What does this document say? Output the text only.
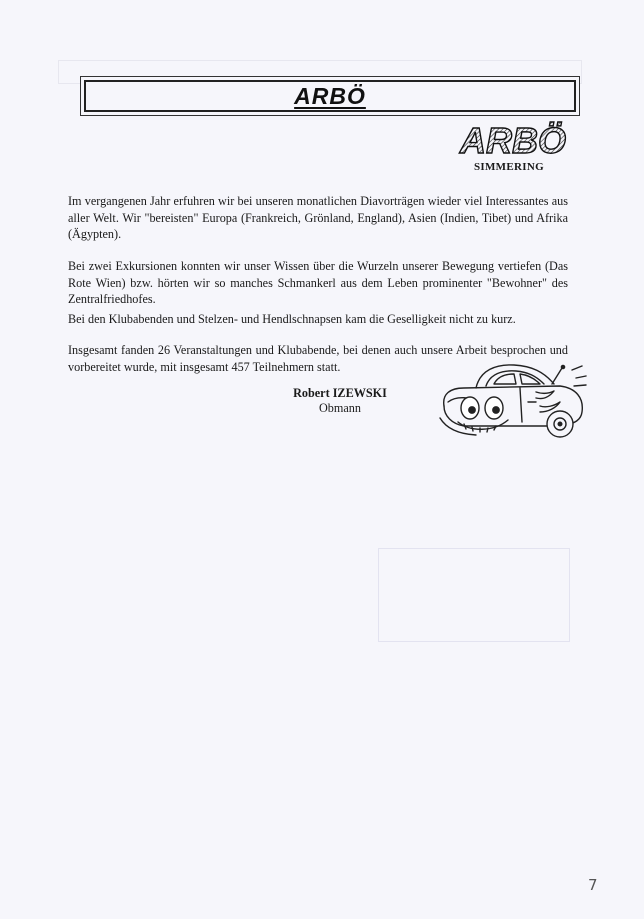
ARBÖ
ARBÖ
SIMMERING

Im vergangenen Jahr erfuhren wir bei unseren monatlichen Diavorträgen wieder viel Interessantes aus aller Welt. Wir "bereisten" Europa (Frankreich, Grönland, England), Asien (Indien, Tibet) und Afrika (Ägypten).

Bei zwei Exkursionen konnten wir unser Wissen über die Wurzeln unserer Bewegung vertiefen (Das Rote Wien) bzw. hörten wir so manches Schmankerl aus dem Leben prominenter "Bewohner" des Zentralfriedhofes.

Bei den Klubabenden und Stelzen- und Hendlschnapsen kam die Geselligkeit nicht zu kurz.

Insgesamt fanden 26 Veranstaltungen und Klubabende, bei denen auch unsere Arbeit besprochen und vorbereitet wurde, mit insgesamt 457 Teilnehmern statt.

Robert IZEWSKI
Obmann
7
